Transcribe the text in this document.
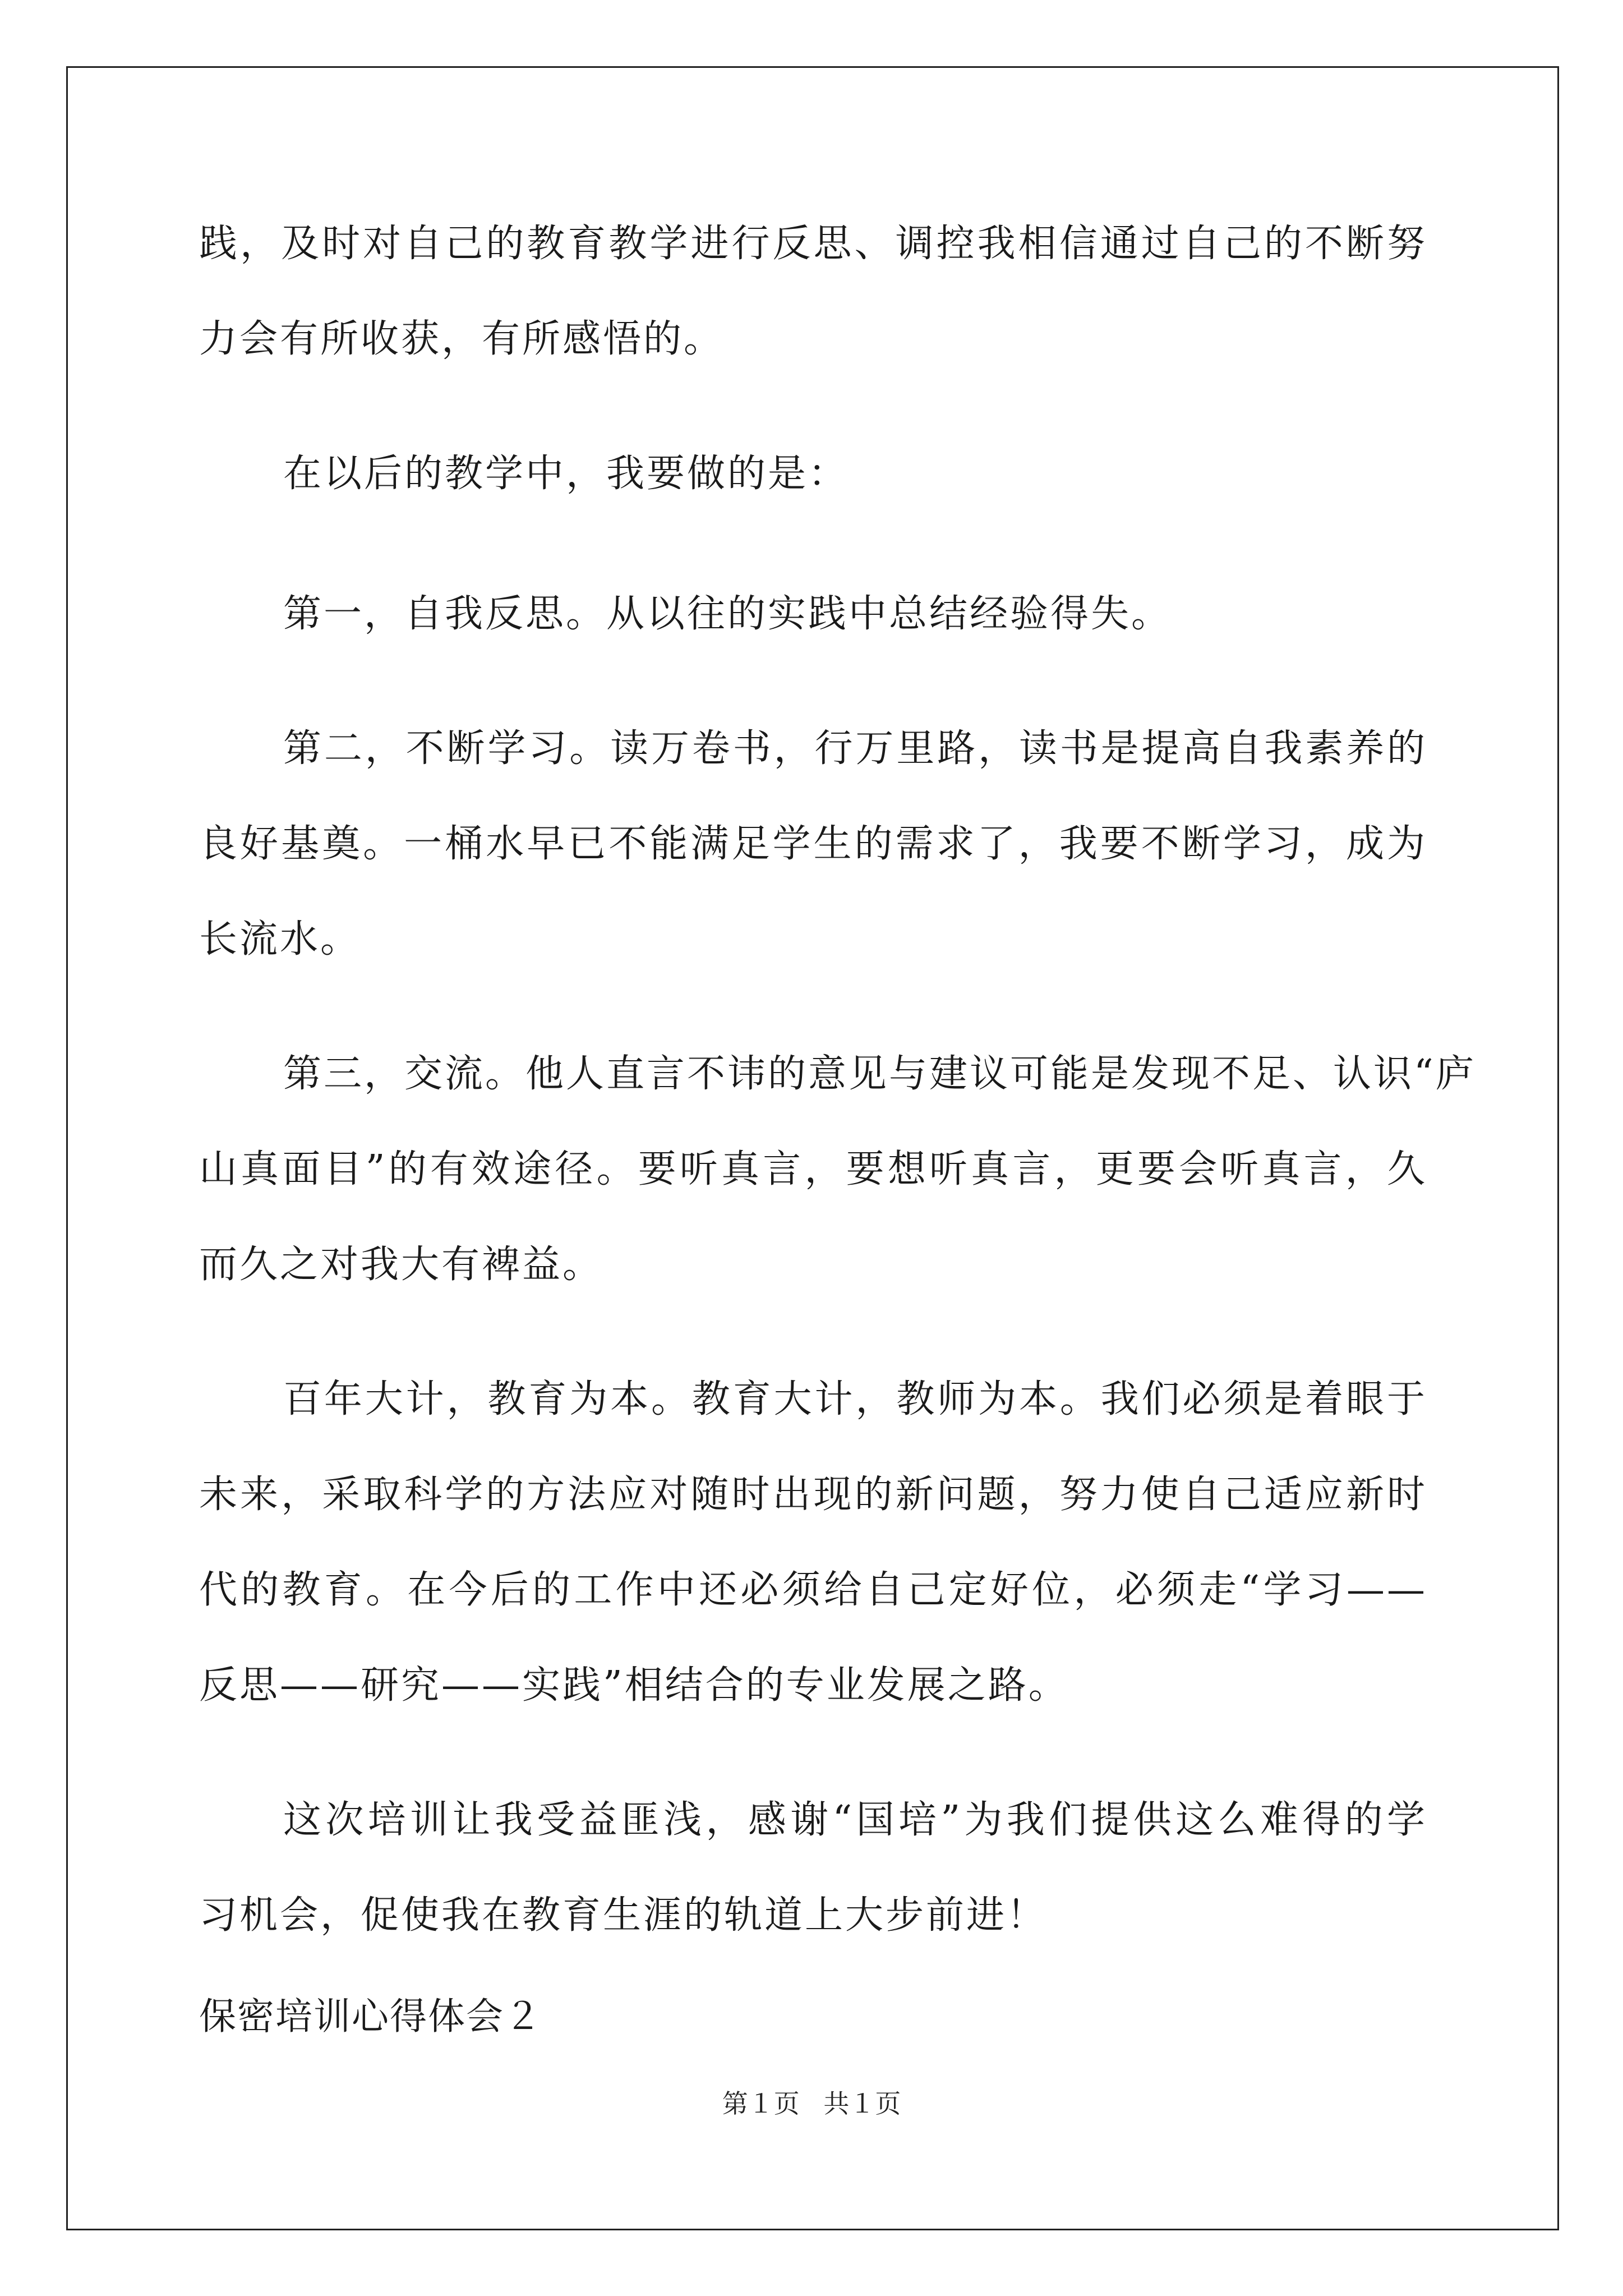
践，及时对自己的教育教学进行反思、调控我相信通过自己的不断努
力会有所收获，有所感悟的。
在以后的教学中，我要做的是：
第一，自我反思。从以往的实践中总结经验得失。
第二，不断学习。读万卷书，行万里路，读书是提高自我素养的
良好基奠。一桶水早已不能满足学生的需求了，我要不断学习，成为
长流水。
第三，交流。他人直言不讳的意见与建议可能是发现不足、认识“庐
山真面目”的有效途径。要听真言，要想听真言，更要会听真言，久
而久之对我大有裨益。
百年大计，教育为本。教育大计，教师为本。我们必须是着眼于
未来，采取科学的方法应对随时出现的新问题，努力使自己适应新时
代的教育。在今后的工作中还必须给自己定好位，必须走“学习——
反思——研究——实践”相结合的专业发展之路。
这次培训让我受益匪浅，感谢“国培”为我们提供这么难得的学
习机会，促使我在教育生涯的轨道上大步前进！
保密培训心得体会２
第１页 共１页
